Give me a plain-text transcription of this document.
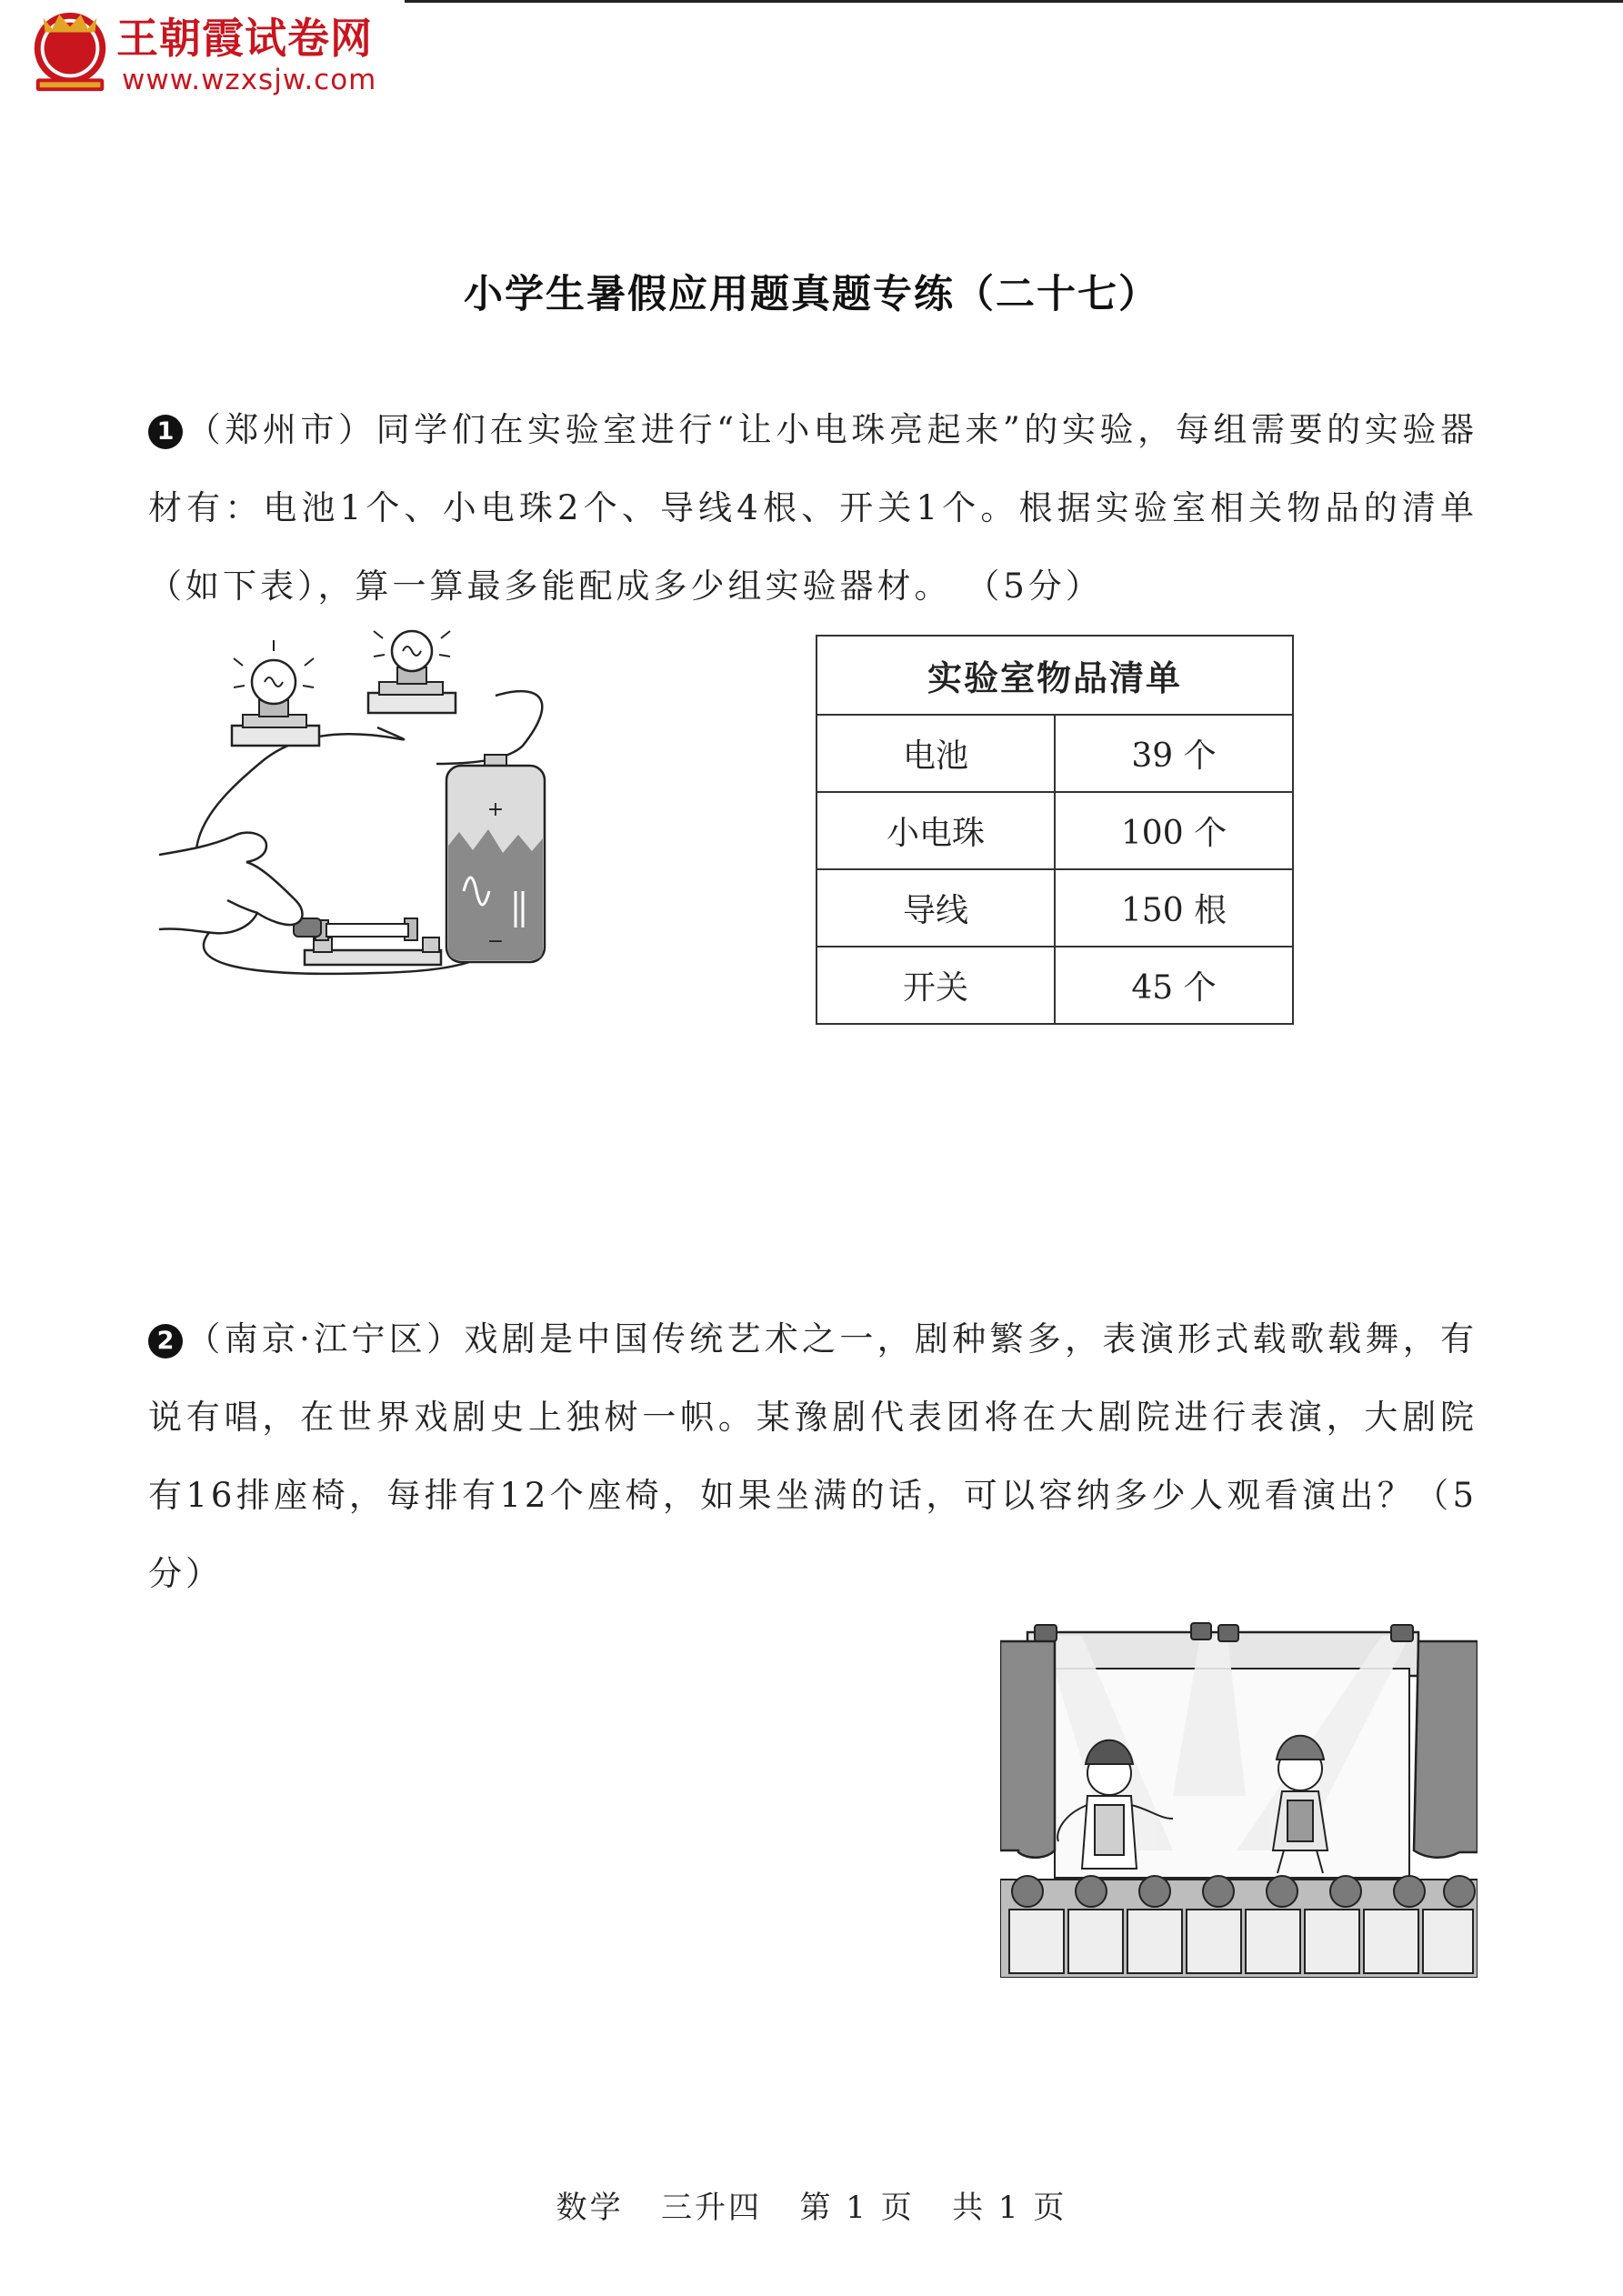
王朝霞试卷网
www.wzxsjw.com
小学生暑假应用题真题专练（二十七）
1 （郑州市）同学们在实验室进行“让小电珠亮起来”的实验，每组需要的实验器材有：电池1个、小电珠2个、导线4根、开关1个。根据实验室相关物品的清单（如下表），算一算最多能配成多少组实验器材。 （5分）
+
−
实验室物品清单	
电池	39 个
小电珠	100 个
导线	150 根
开关	45 个
2 （南京·江宁区）戏剧是中国传统艺术之一，剧种繁多，表演形式载歌载舞，有说有唱，在世界戏剧史上独树一帜。某豫剧代表团将在大剧院进行表演，大剧院有16排座椅，每排有12个座椅，如果坐满的话，可以容纳多少人观看演出？（5分）
数学   三升四   第 1 页   共 1 页
